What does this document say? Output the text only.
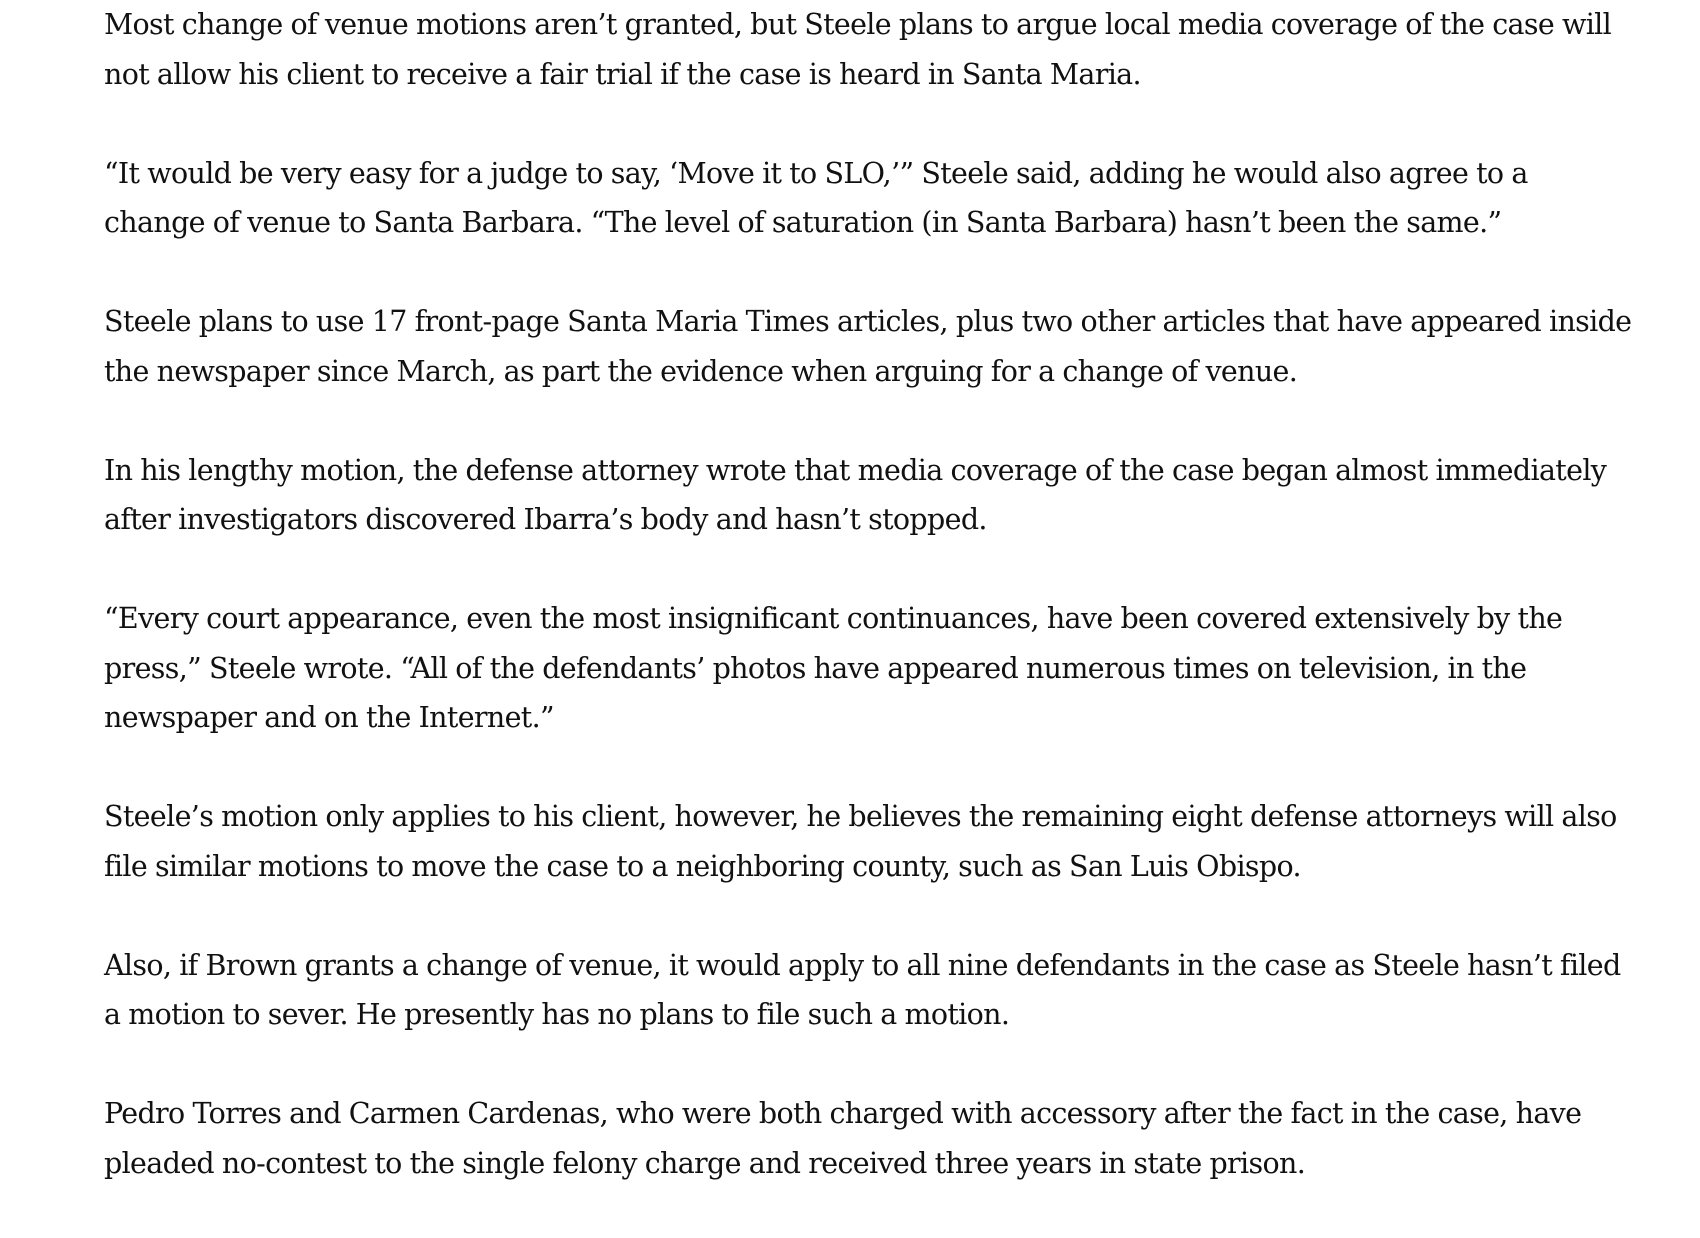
Most change of venue motions aren’t granted, but Steele plans to argue local media coverage of the case will not allow his client to receive a fair trial if the case is heard in Santa Maria.

“It would be very easy for a judge to say, ‘Move it to SLO,’” Steele said, adding he would also agree to a change of venue to Santa Barbara. “The level of saturation (in Santa Barbara) hasn’t been the same.”

Steele plans to use 17 front-page Santa Maria Times articles, plus two other articles that have appeared inside the newspaper since March, as part the evidence when arguing for a change of venue.

In his lengthy motion, the defense attorney wrote that media coverage of the case began almost immediately after investigators discovered Ibarra’s body and hasn’t stopped.

“Every court appearance, even the most insignificant continuances, have been covered extensively by the press,” Steele wrote. “All of the defendants’ photos have appeared numerous times on television, in the newspaper and on the Internet.”

Steele’s motion only applies to his client, however, he believes the remaining eight defense attorneys will also file similar motions to move the case to a neighboring county, such as San Luis Obispo.

Also, if Brown grants a change of venue, it would apply to all nine defendants in the case as Steele hasn’t filed a motion to sever. He presently has no plans to file such a motion.

Pedro Torres and Carmen Cardenas, who were both charged with accessory after the fact in the case, have pleaded no-contest to the single felony charge and received three years in state prison.
